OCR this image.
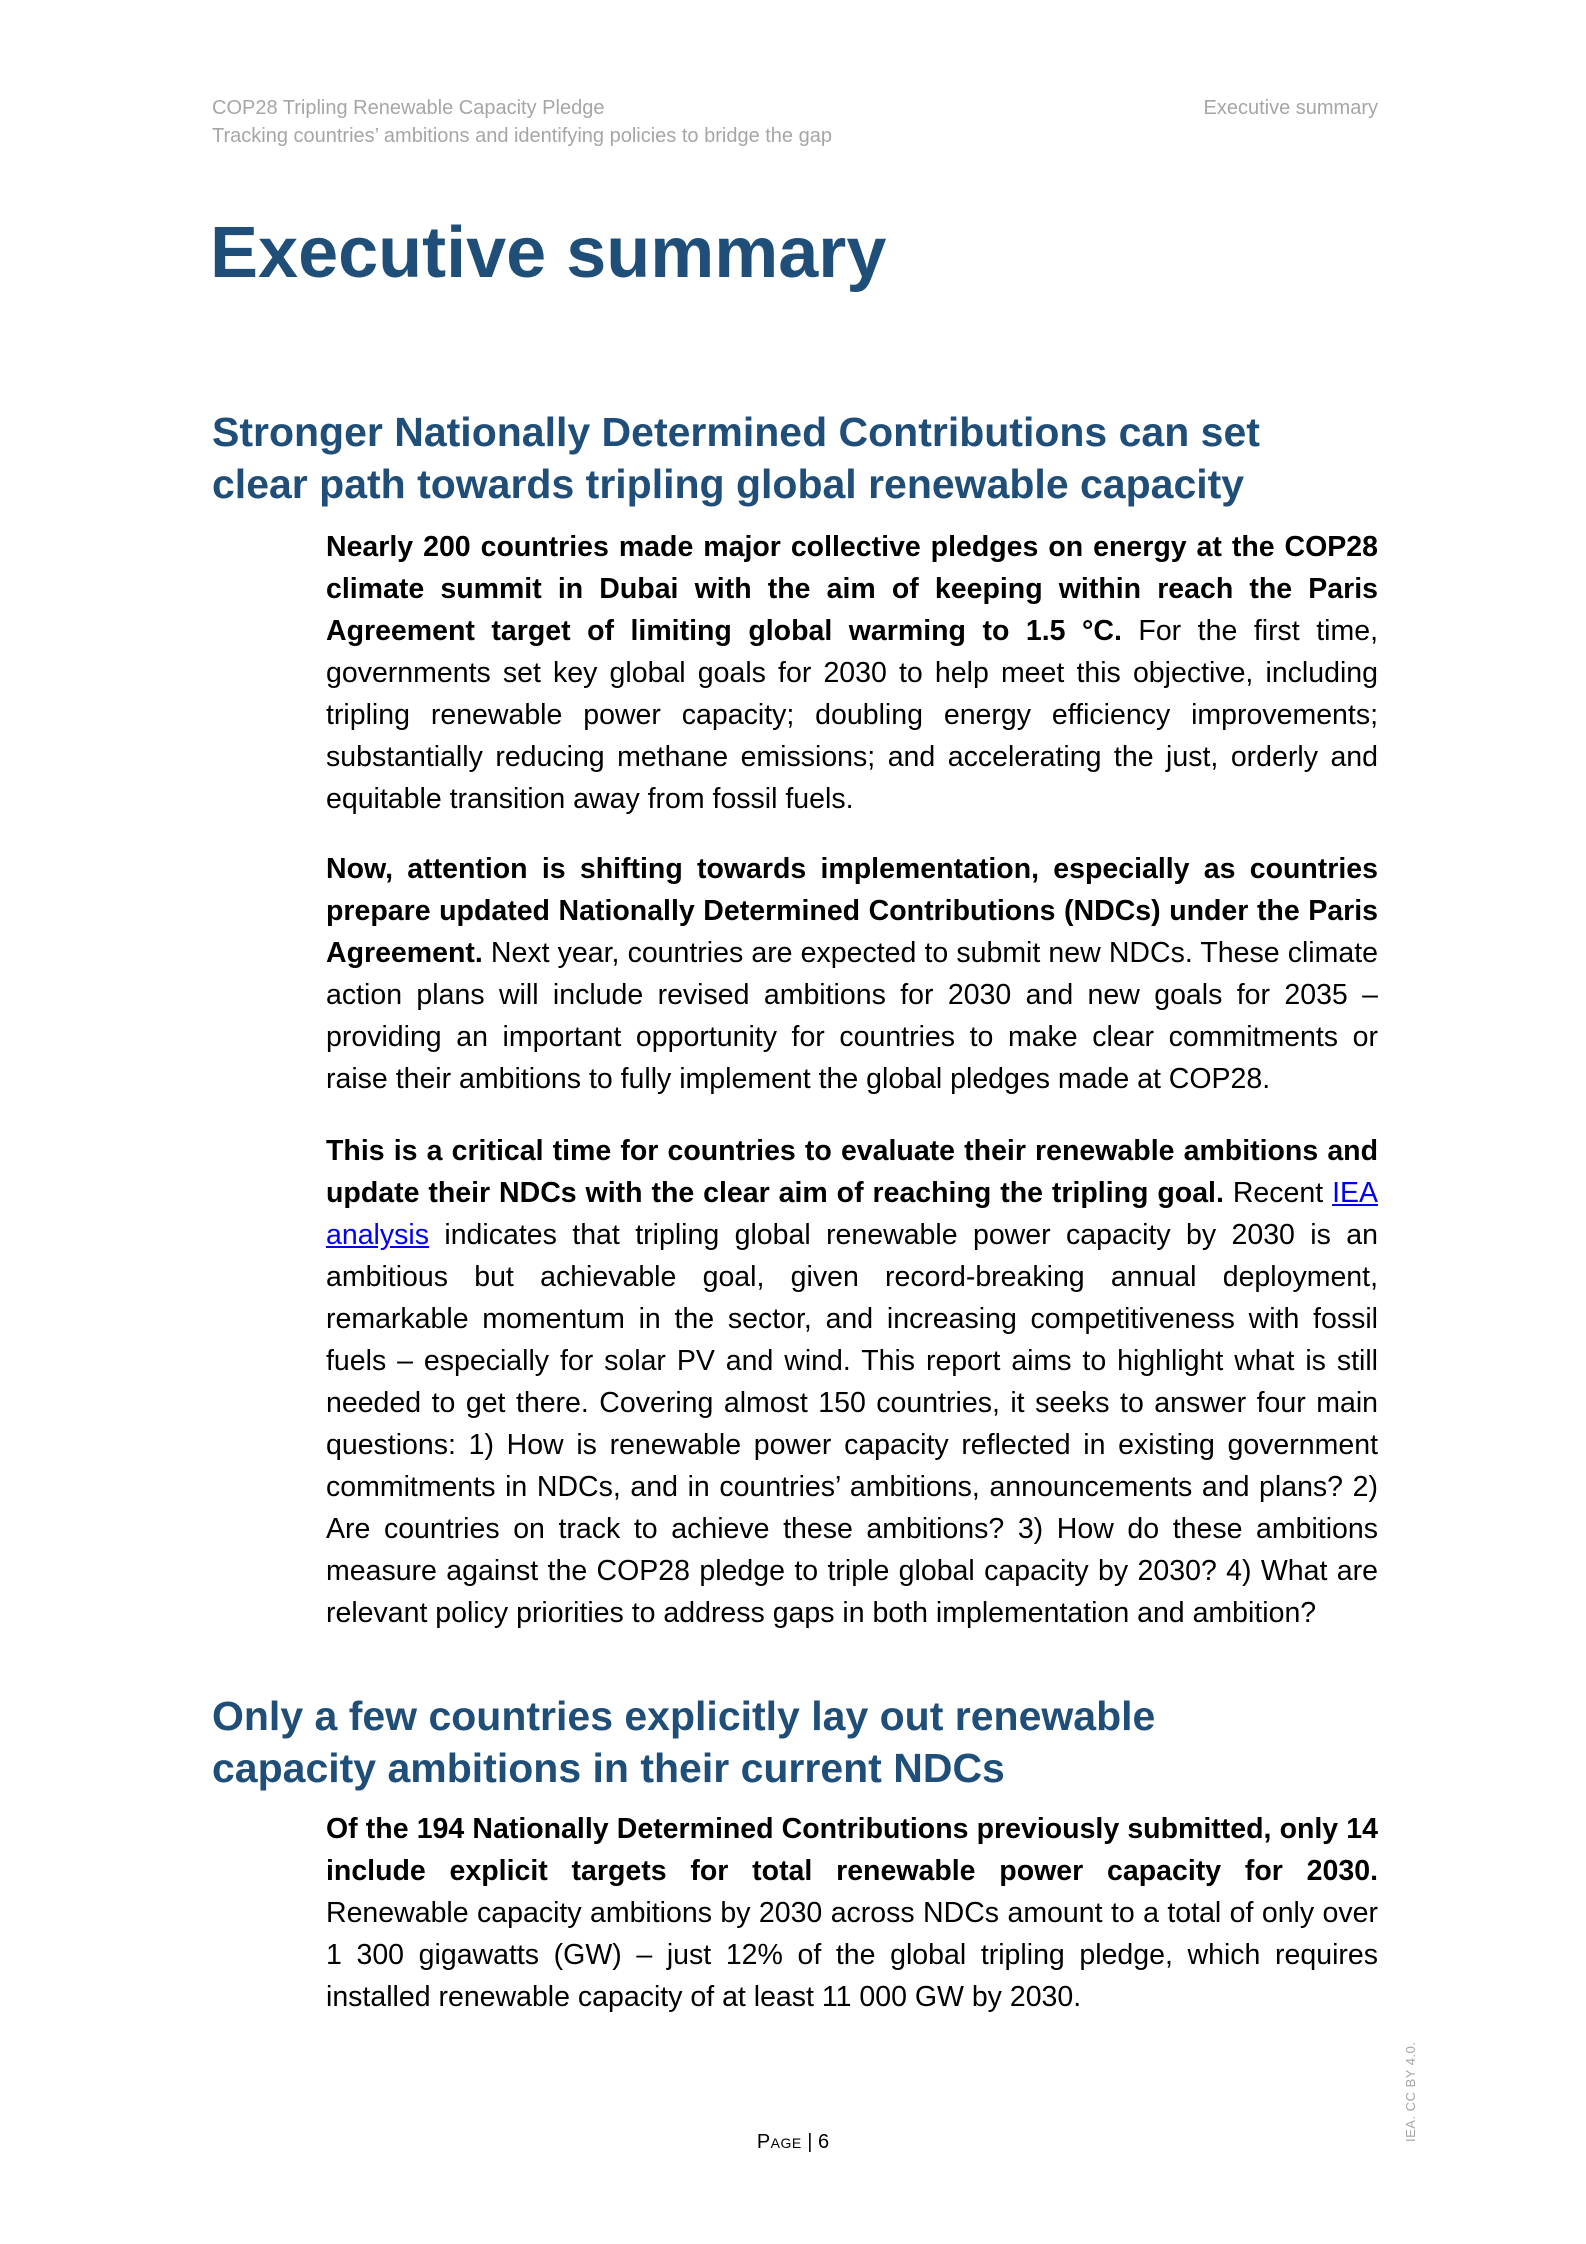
COP28 Tripling Renewable Capacity Pledge
Tracking countries’ ambitions and identifying policies to bridge the gap
Executive summary
Executive summary
Stronger Nationally Determined Contributions can set
clear path towards tripling global renewable capacity

Nearly 200 countries made major collective pledges on energy at the COP28 climate summit in Dubai with the aim of keeping within reach the Paris Agreement target of limiting global warming to 1.5 °C. For the first time, governments set key global goals for 2030 to help meet this objective, including tripling renewable power capacity; doubling energy efficiency improvements; substantially reducing methane emissions; and accelerating the just, orderly and equitable transition away from fossil fuels.

Now, attention is shifting towards implementation, especially as countries prepare updated Nationally Determined Contributions (NDCs) under the Paris Agreement. Next year, countries are expected to submit new NDCs. These climate action plans will include revised ambitions for 2030 and new goals for 2035 – providing an important opportunity for countries to make clear commitments or raise their ambitions to fully implement the global pledges made at COP28.

This is a critical time for countries to evaluate their renewable ambitions and update their NDCs with the clear aim of reaching the tripling goal. Recent IEA analysis indicates that tripling global renewable power capacity by 2030 is an ambitious but achievable goal, given record-breaking annual deployment, remarkable momentum in the sector, and increasing competitiveness with fossil fuels – especially for solar PV and wind. This report aims to highlight what is still needed to get there. Covering almost 150 countries, it seeks to answer four main questions: 1) How is renewable power capacity reflected in existing government commitments in NDCs, and in countries’ ambitions, announcements and plans? 2) Are countries on track to achieve these ambitions? 3) How do these ambitions measure against the COP28 pledge to triple global capacity by 2030? 4) What are relevant policy priorities to address gaps in both implementation and ambition?

Only a few countries explicitly lay out renewable
capacity ambitions in their current NDCs

Of the 194 Nationally Determined Contributions previously submitted, only 14 include explicit targets for total renewable power capacity for 2030. Renewable capacity ambitions by 2030 across NDCs amount to a total of only over 1 300 gigawatts (GW) – just 12% of the global tripling pledge, which requires installed renewable capacity of at least 11 000 GW by 2030.

Page | 6	IEA. CC BY 4.0.
